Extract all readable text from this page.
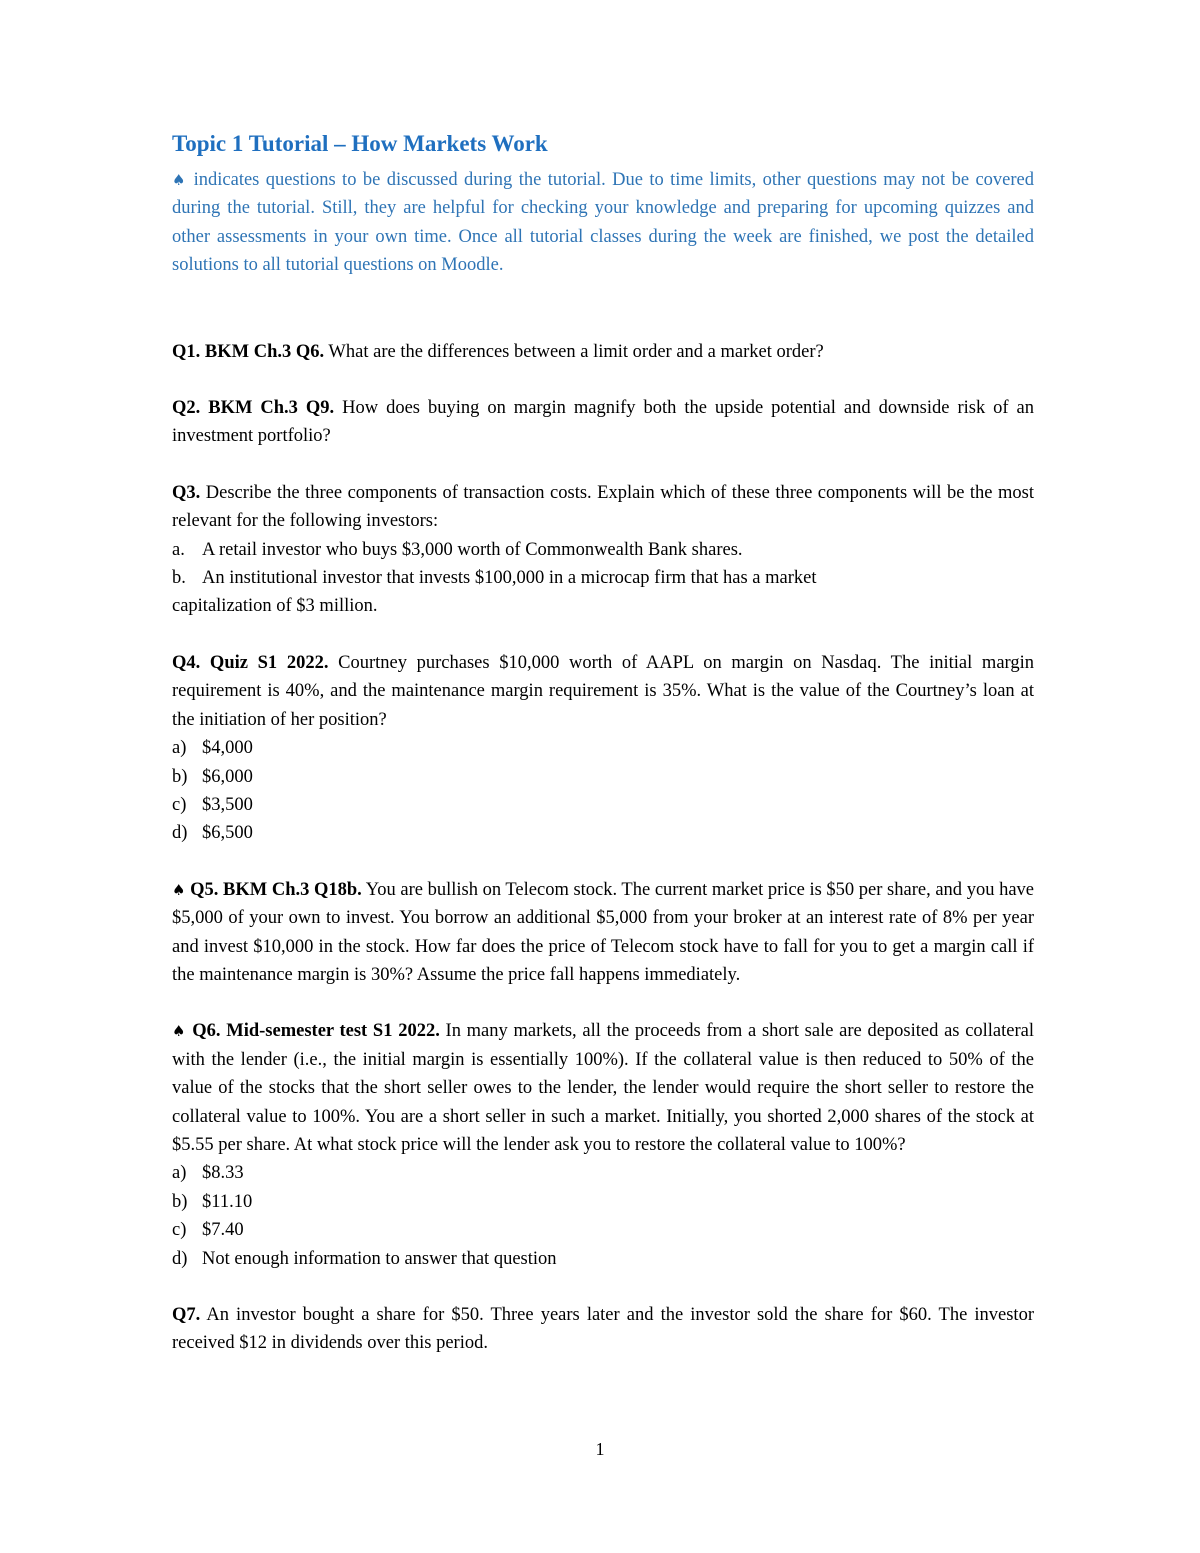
Topic 1 Tutorial – How Markets Work

♠ indicates questions to be discussed during the tutorial. Due to time limits, other questions may not be covered during the tutorial. Still, they are helpful for checking your knowledge and preparing for upcoming quizzes and other assessments in your own time. Once all tutorial classes during the week are finished, we post the detailed solutions to all tutorial questions on Moodle.

Q1. BKM Ch.3 Q6. What are the differences between a limit order and a market order?

Q2. BKM Ch.3 Q9. How does buying on margin magnify both the upside potential and downside risk of an investment portfolio?

Q3. Describe the three components of transaction costs. Explain which of these three components will be the most relevant for the following investors:

a. A retail investor who buys $3,000 worth of Commonwealth Bank shares.
b. An institutional investor that invests $100,000 in a microcap firm that has a market

capitalization of $3 million.

Q4. Quiz S1 2022. Courtney purchases $10,000 worth of AAPL on margin on Nasdaq. The initial margin requirement is 40%, and the maintenance margin requirement is 35%. What is the value of the Courtney’s loan at the initiation of her position?

a) $4,000
b) $6,000
c) $3,500
d) $6,500

♠ Q5. BKM Ch.3 Q18b. You are bullish on Telecom stock. The current market price is $50 per share, and you have $5,000 of your own to invest. You borrow an additional $5,000 from your broker at an interest rate of 8% per year and invest $10,000 in the stock. How far does the price of Telecom stock have to fall for you to get a margin call if the maintenance margin is 30%? Assume the price fall happens immediately.

♠ Q6. Mid-semester test S1 2022. In many markets, all the proceeds from a short sale are deposited as collateral with the lender (i.e., the initial margin is essentially 100%). If the collateral value is then reduced to 50% of the value of the stocks that the short seller owes to the lender, the lender would require the short seller to restore the collateral value to 100%. You are a short seller in such a market. Initially, you shorted 2,000 shares of the stock at $5.55 per share. At what stock price will the lender ask you to restore the collateral value to 100%?

a) $8.33
b) $11.10
c) $7.40
d) Not enough information to answer that question

Q7. An investor bought a share for $50. Three years later and the investor sold the share for $60. The investor received $12 in dividends over this period.

1
